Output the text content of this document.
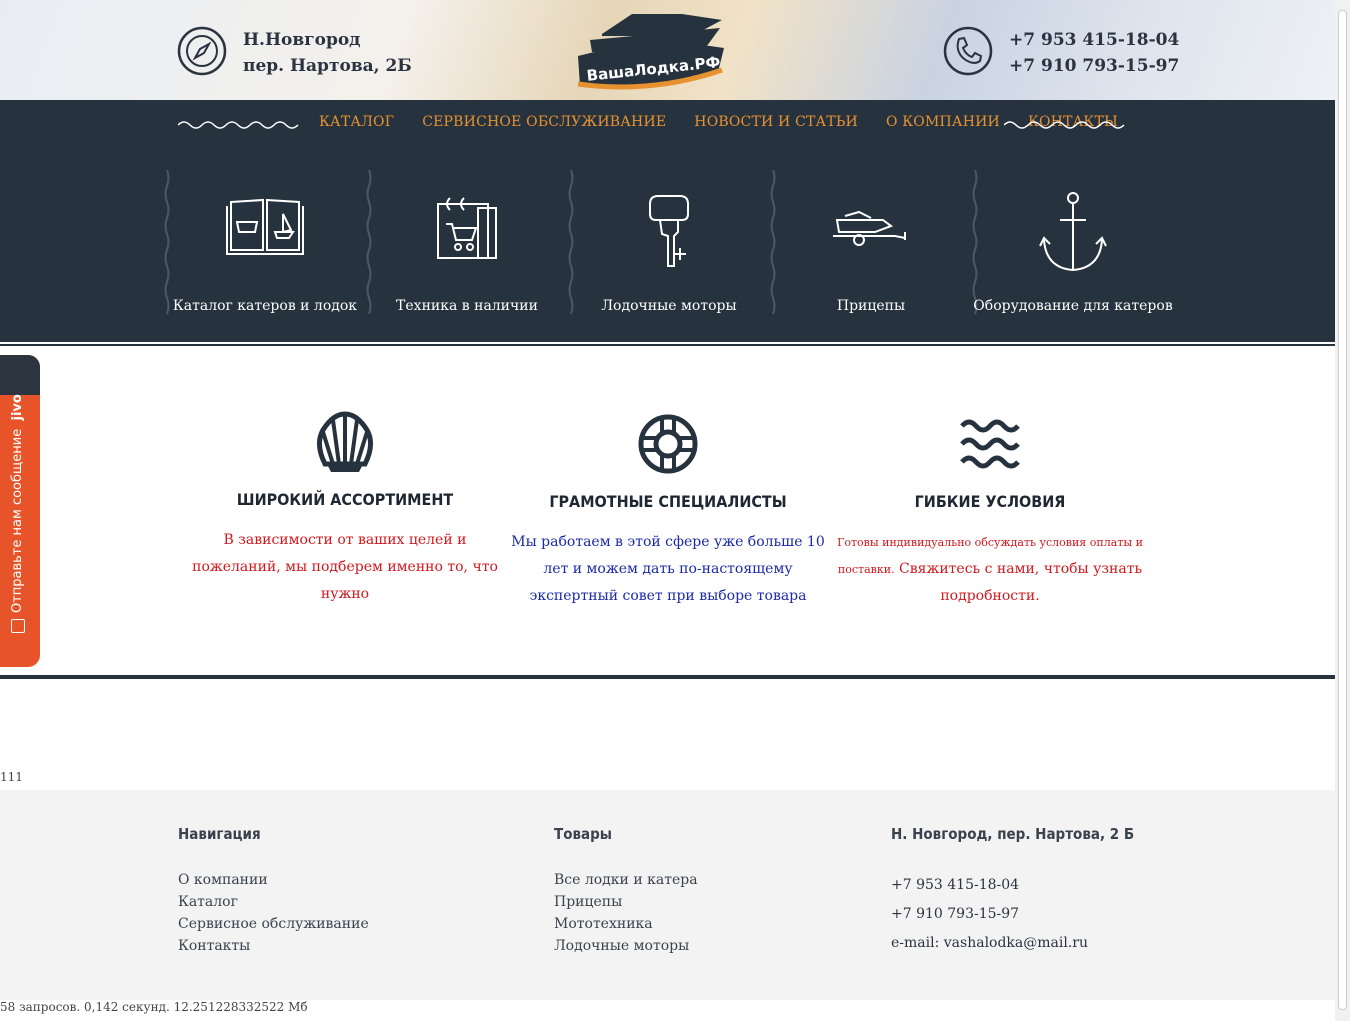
Н.Новгород
пер. Нартова, 2Б	ВашаЛодка.РФ
+7 953 415-18-04
+7 910 793-15-97
КАТАЛОГ СЕРВИСНОЕ ОБСЛУЖИВАНИЕ НОВОСТИ И СТАТЬИ О КОМПАНИИ КОНТАКТЫ
Каталог катеров и лодок	Техника в наличии	Лодочные моторы	Прицепы	Оборудование для катеров
ШИРОКИЙ АССОРТИМЕНТ
В зависимости от ваших целей и пожеланий, мы подберем именно то, что нужно
ГРАМОТНЫЕ СПЕЦИАЛИСТЫ
Мы работаем в этой сфере уже больше 10 лет и можем дать по-настоящему экспертный совет при выборе товара
ГИБКИЕ УСЛОВИЯ
Готовы индивидуально обсуждать условия оплаты и поставки. Свяжитесь с нами, чтобы узнать подробности.
Отправьте нам сообщение  jivo
111
Навигация
О компании
Каталог
Сервисное обслуживание
Контакты
Товары
Все лодки и катера
Прицепы
Мототехника
Лодочные моторы
Н. Новгород, пер. Нартова, 2 Б
+7 953 415-18-04
+7 910 793-15-97
e-mail: vashalodka@mail.ru
58 запросов. 0,142 секунд. 12.251228332522 Мб
